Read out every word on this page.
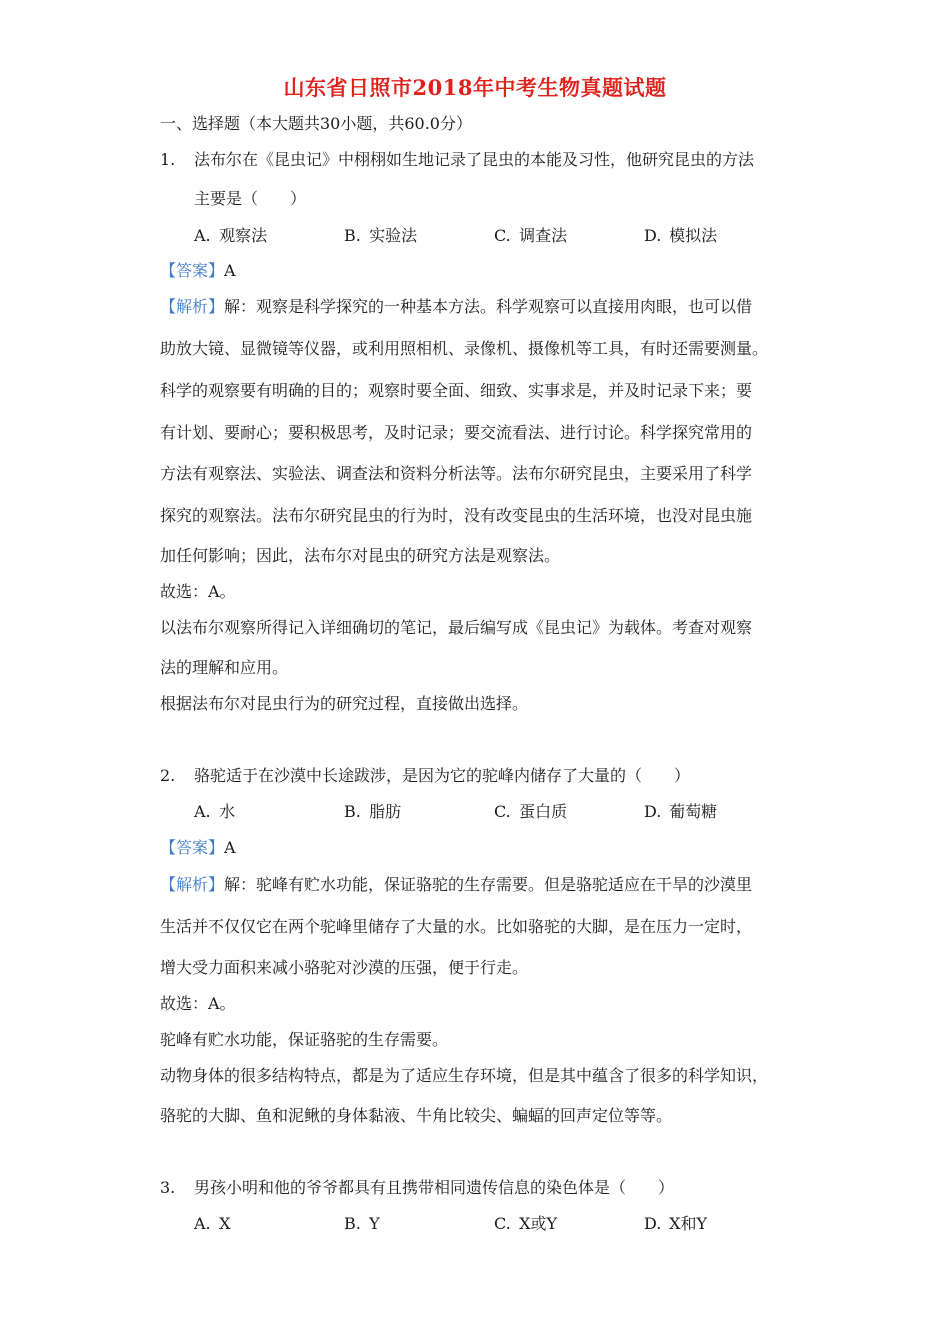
山东省日照市2018年中考生物真题试题
一、选择题（本大题共30小题，共60.0分）
1. 法布尔在《昆虫记》中栩栩如生地记录了昆虫的本能及习性，他研究昆虫的方法
主要是（　　）
A. 观察法	B. 实验法	C. 调查法	D. 模拟法
【答案】A
【解析】解：观察是科学探究的一种基本方法。科学观察可以直接用肉眼，也可以借
助放大镜、显微镜等仪器，或利用照相机、录像机、摄像机等工具，有时还需要测量。
科学的观察要有明确的目的；观察时要全面、细致、实事求是，并及时记录下来；要
有计划、要耐心；要积极思考，及时记录；要交流看法、进行讨论。科学探究常用的
方法有观察法、实验法、调查法和资料分析法等。法布尔研究昆虫，主要采用了科学
探究的观察法。法布尔研究昆虫的行为时，没有改变昆虫的生活环境，也没对昆虫施
加任何影响；因此，法布尔对昆虫的研究方法是观察法。
故选：A。
以法布尔观察所得记入详细确切的笔记，最后编写成《昆虫记》为载体。考查对观察
法的理解和应用。
根据法布尔对昆虫行为的研究过程，直接做出选择。
2. 骆驼适于在沙漠中长途跋涉，是因为它的驼峰内储存了大量的（　　）
A. 水	B. 脂肪	C. 蛋白质	D. 葡萄糖
【答案】A
【解析】解：驼峰有贮水功能，保证骆驼的生存需要。但是骆驼适应在干旱的沙漠里
生活并不仅仅它在两个驼峰里储存了大量的水。比如骆驼的大脚，是在压力一定时，
增大受力面积来减小骆驼对沙漠的压强，便于行走。
故选：A。
驼峰有贮水功能，保证骆驼的生存需要。
动物身体的很多结构特点，都是为了适应生存环境，但是其中蕴含了很多的科学知识，
骆驼的大脚、鱼和泥鳅的身体黏液、牛角比较尖、蝙蝠的回声定位等等。
3. 男孩小明和他的爷爷都具有且携带相同遗传信息的染色体是（　　）
A. X	B. Y	C. X或Y	D. X和Y
